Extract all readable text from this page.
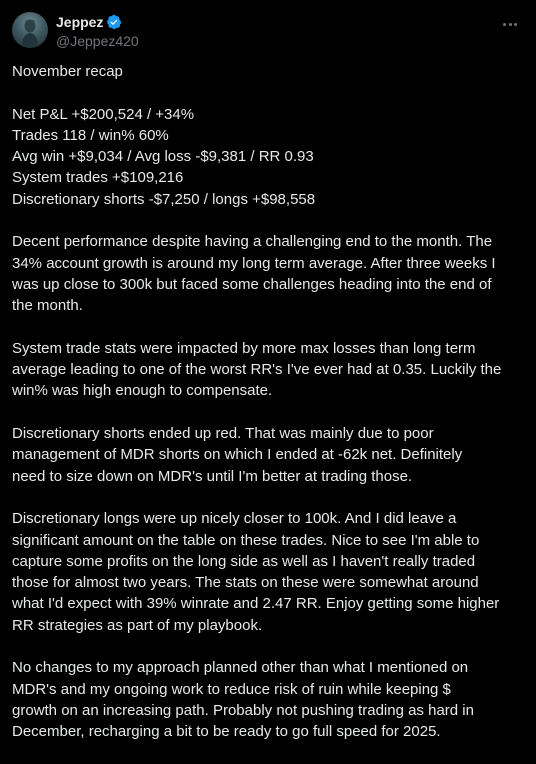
Jeppez
@Jeppez420
November recap
Net P&L +$200,524 / +34%
Trades 118 / win% 60%
Avg win +$9,034 / Avg loss -$9,381 / RR 0.93
System trades +$109,216
Discretionary shorts -$7,250 / longs +$98,558
Decent performance despite having a challenging end to the month. The
34% account growth is around my long term average. After three weeks I
was up close to 300k but faced some challenges heading into the end of
the month.
System trade stats were impacted by more max losses than long term
average leading to one of the worst RR's I've ever had at 0.35. Luckily the
win% was high enough to compensate.
Discretionary shorts ended up red. That was mainly due to poor
management of MDR shorts on which I ended at -62k net. Definitely
need to size down on MDR's until I'm better at trading those.
Discretionary longs were up nicely closer to 100k. And I did leave a
significant amount on the table on these trades. Nice to see I'm able to
capture some profits on the long side as well as I haven't really traded
those for almost two years. The stats on these were somewhat around
what I'd expect with 39% winrate and 2.47 RR. Enjoy getting some higher
RR strategies as part of my playbook.
No changes to my approach planned other than what I mentioned on
MDR's and my ongoing work to reduce risk of ruin while keeping $
growth on an increasing path. Probably not pushing trading as hard in
December, recharging a bit to be ready to go full speed for 2025.
